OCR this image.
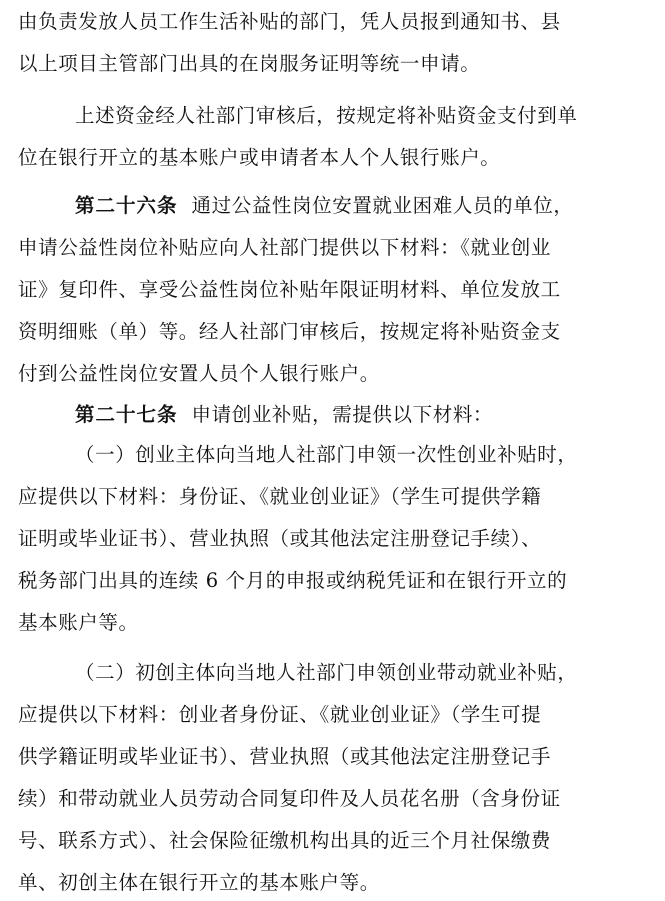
由负责发放人员工作生活补贴的部门，凭人员报到通知书、县
以上项目主管部门出具的在岗服务证明等统一申请。
上述资金经人社部门审核后，按规定将补贴资金支付到单
位在银行开立的基本账户或申请者本人个人银行账户。
第二十六条 通过公益性岗位安置就业困难人员的单位，
申请公益性岗位补贴应向人社部门提供以下材料：《就业创业
证》复印件、享受公益性岗位补贴年限证明材料、单位发放工
资明细账（单）等。经人社部门审核后，按规定将补贴资金支
付到公益性岗位安置人员个人银行账户。
第二十七条 申请创业补贴，需提供以下材料：
（一）创业主体向当地人社部门申领一次性创业补贴时，
应提供以下材料：身份证、《就业创业证》（学生可提供学籍
证明或毕业证书）、营业执照（或其他法定注册登记手续）、
税务部门出具的连续 6 个月的申报或纳税凭证和在银行开立的
基本账户等。
（二）初创主体向当地人社部门申领创业带动就业补贴，
应提供以下材料：创业者身份证、《就业创业证》（学生可提
供学籍证明或毕业证书）、营业执照（或其他法定注册登记手
续）和带动就业人员劳动合同复印件及人员花名册（含身份证
号、联系方式）、社会保险征缴机构出具的近三个月社保缴费
单、初创主体在银行开立的基本账户等。
